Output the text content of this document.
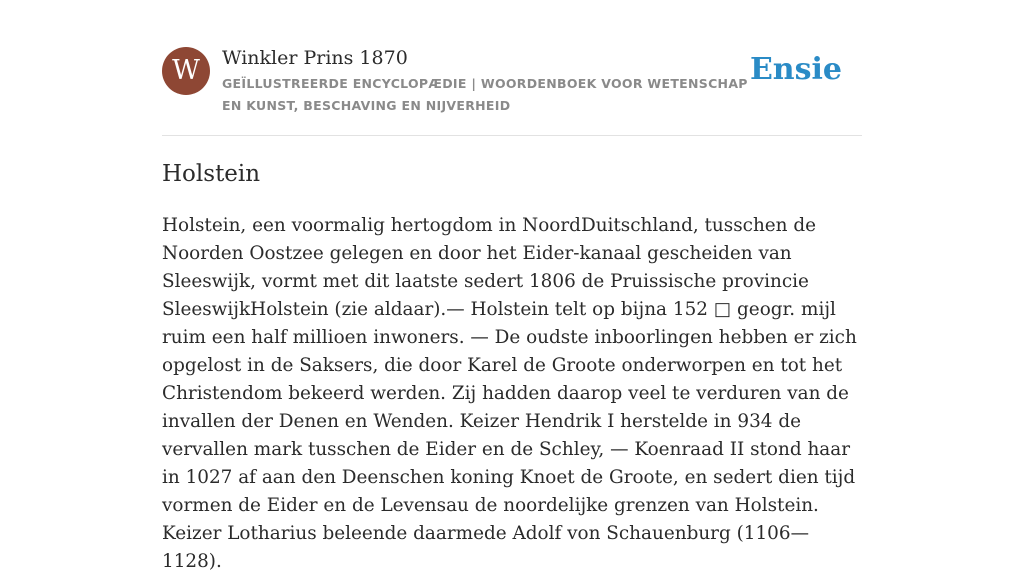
W	Winkler Prins 1870
GEÏLLUSTREERDE ENCYCLOPÆDIE | WOORDENBOEK VOOR WETENSCHAP EN KUNST, BESCHAVING EN NIJVERHEID
Ensie
Holstein

Holstein, een voormalig hertogdom in NoordDuitschland, tusschen de Noorden Oostzee gelegen en door het Eider-kanaal gescheiden van Sleeswijk, vormt met dit laatste sedert 1806 de Pruissische provincie SleeswijkHolstein (zie aldaar).— Holstein telt op bijna 152 □ geogr. mijl ruim een half millioen inwoners. — De oudste inboorlingen hebben er zich opgelost in de Saksers, die door Karel de Groote onderworpen en tot het Christendom bekeerd werden. Zij hadden daarop veel te verduren van de invallen der Denen en Wenden. Keizer Hendrik I herstelde in 934 de vervallen mark tusschen de Eider en de Schley, — Koenraad II stond haar in 1027 af aan den Deenschen koning Knoet de Groote, en sedert dien tijd vormen de Eider en de Levensau de noordelijke grenzen van Holstein. Keizer Lotharius beleende daarmede Adolf von Schauenburg (1106—1128).
